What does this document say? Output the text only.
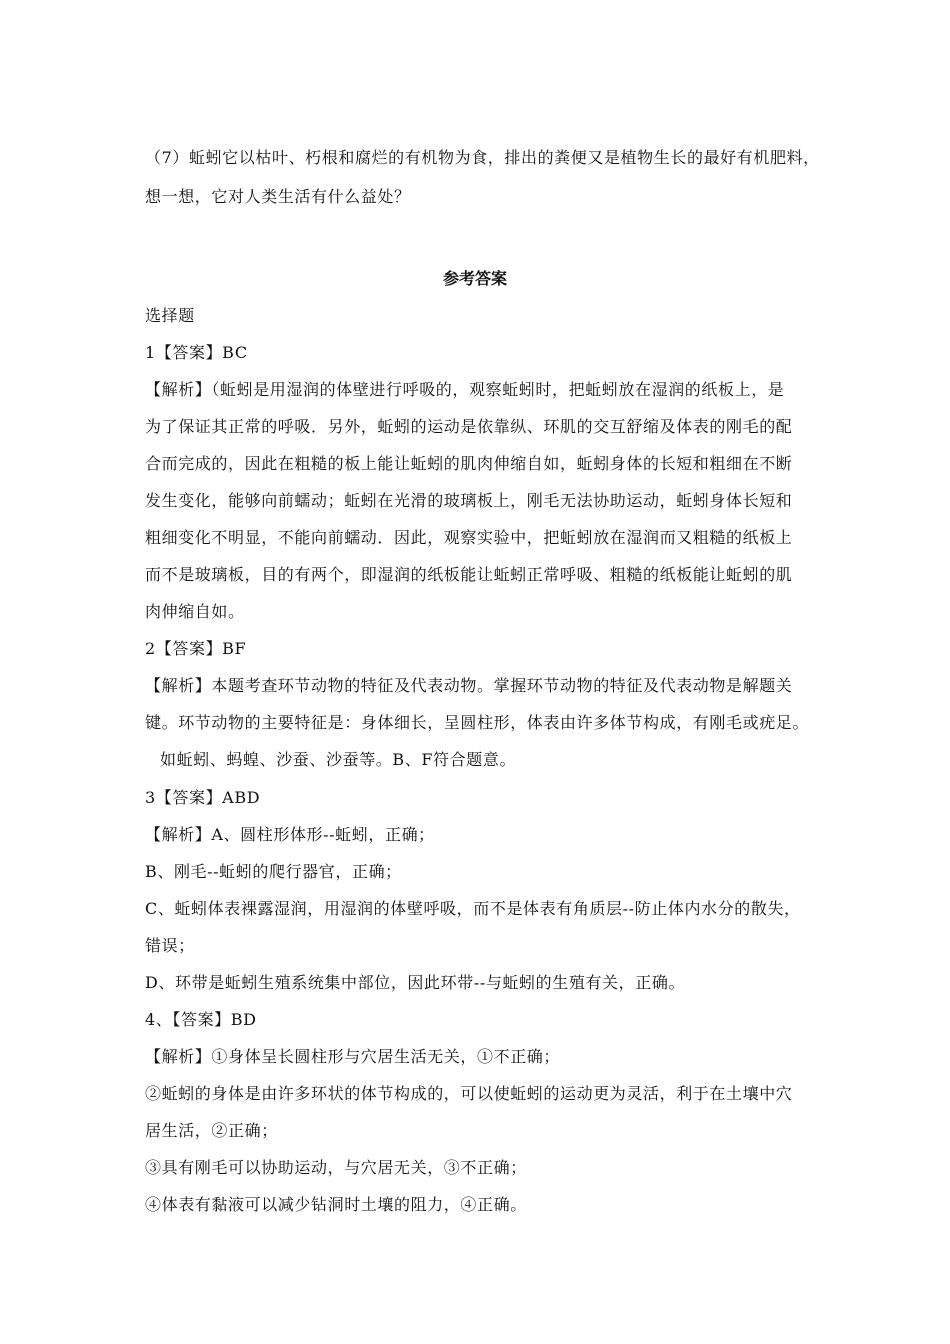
（7）蚯蚓它以枯叶、朽根和腐烂的有机物为食，排出的粪便又是植物生长的最好有机肥料，
想一想，它对人类生活有什么益处？
参考答案
选择题
1【答案】BC
【解析】（蚯蚓是用湿润的体壁进行呼吸的，观察蚯蚓时，把蚯蚓放在湿润的纸板上，是
为了保证其正常的呼吸．另外，蚯蚓的运动是依靠纵、环肌的交互舒缩及体表的刚毛的配
合而完成的，因此在粗糙的板上能让蚯蚓的肌肉伸缩自如，蚯蚓身体的长短和粗细在不断
发生变化，能够向前蠕动；蚯蚓在光滑的玻璃板上，刚毛无法协助运动，蚯蚓身体长短和
粗细变化不明显，不能向前蠕动．因此，观察实验中，把蚯蚓放在湿润而又粗糙的纸板上
而不是玻璃板，目的有两个，即湿润的纸板能让蚯蚓正常呼吸、粗糙的纸板能让蚯蚓的肌
肉伸缩自如。
2【答案】BF
【解析】本题考查环节动物的特征及代表动物。掌握环节动物的特征及代表动物是解题关
键。环节动物的主要特征是：身体细长，呈圆柱形，体表由许多体节构成，有刚毛或疣足。
如蚯蚓、蚂蝗、沙蚕、沙蚕等。B、F符合题意。
3【答案】ABD
【解析】A、圆柱形体形--蚯蚓，正确；
B、刚毛--蚯蚓的爬行器官，正确；
C、蚯蚓体表裸露湿润，用湿润的体壁呼吸，而不是体表有角质层--防止体内水分的散失，
错误；
D、环带是蚯蚓生殖系统集中部位，因此环带--与蚯蚓的生殖有关，正确。
4、【答案】BD
【解析】①身体呈长圆柱形与穴居生活无关，①不正确；
②蚯蚓的身体是由许多环状的体节构成的，可以使蚯蚓的运动更为灵活，利于在土壤中穴
居生活，②正确；
③具有刚毛可以协助运动，与穴居无关，③不正确；
④体表有黏液可以减少钻洞时土壤的阻力，④正确。
